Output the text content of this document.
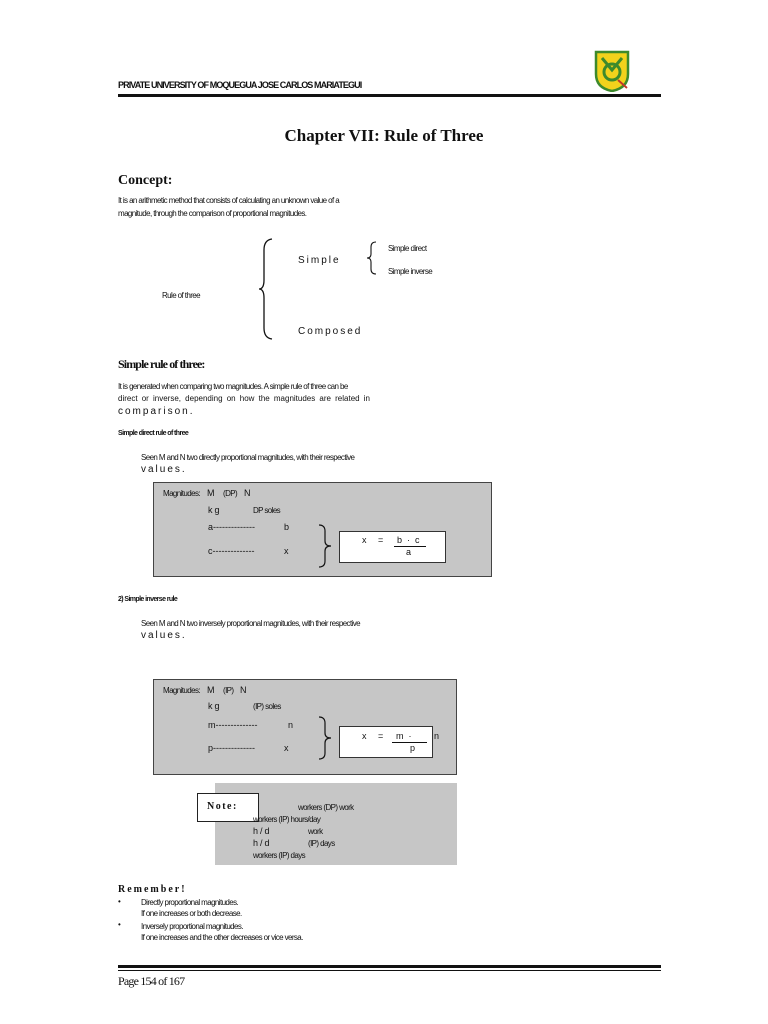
PRIVATE UNIVERSITY OF MOQUEGUA JOSE CARLOS MARIATEGUI
Chapter VII: Rule of Three
Concept:
It is an arithmetic method that consists of calculating an unknown value of a
magnitude, through the comparison of proportional magnitudes.
Rule of three
Simple
Composed
Simple direct
Simple inverse
Simple rule of three:
It is generated when comparing two magnitudes. A simple rule of three can be
direct or inverse, depending on how the magnitudes are related in
comparison.
Simple direct rule of three
Seen M and N two directly proportional magnitudes, with their respective
values.
Magnitudes: M (DP) N
kg	DP soles
a--------------	b
c--------------	x
x = b  ·  c
a
2) Simple inverse rule
Seen M and N two inversely proportional magnitudes, with their respective
values.
Magnitudes: M (IP) N
kg	(IP) soles
m--------------	n
p--------------	x
x = m  ·	n
p
Note:	workers (DP) work
workers (IP) hours/day
h/d	work
h/d	(IP) days
workers (IP) days
Remember!
•	Directly proportional magnitudes.
If one increases or both decrease.
•	Inversely proportional magnitudes.
If one increases and the other decreases or vice versa.
Page 154 of 167
